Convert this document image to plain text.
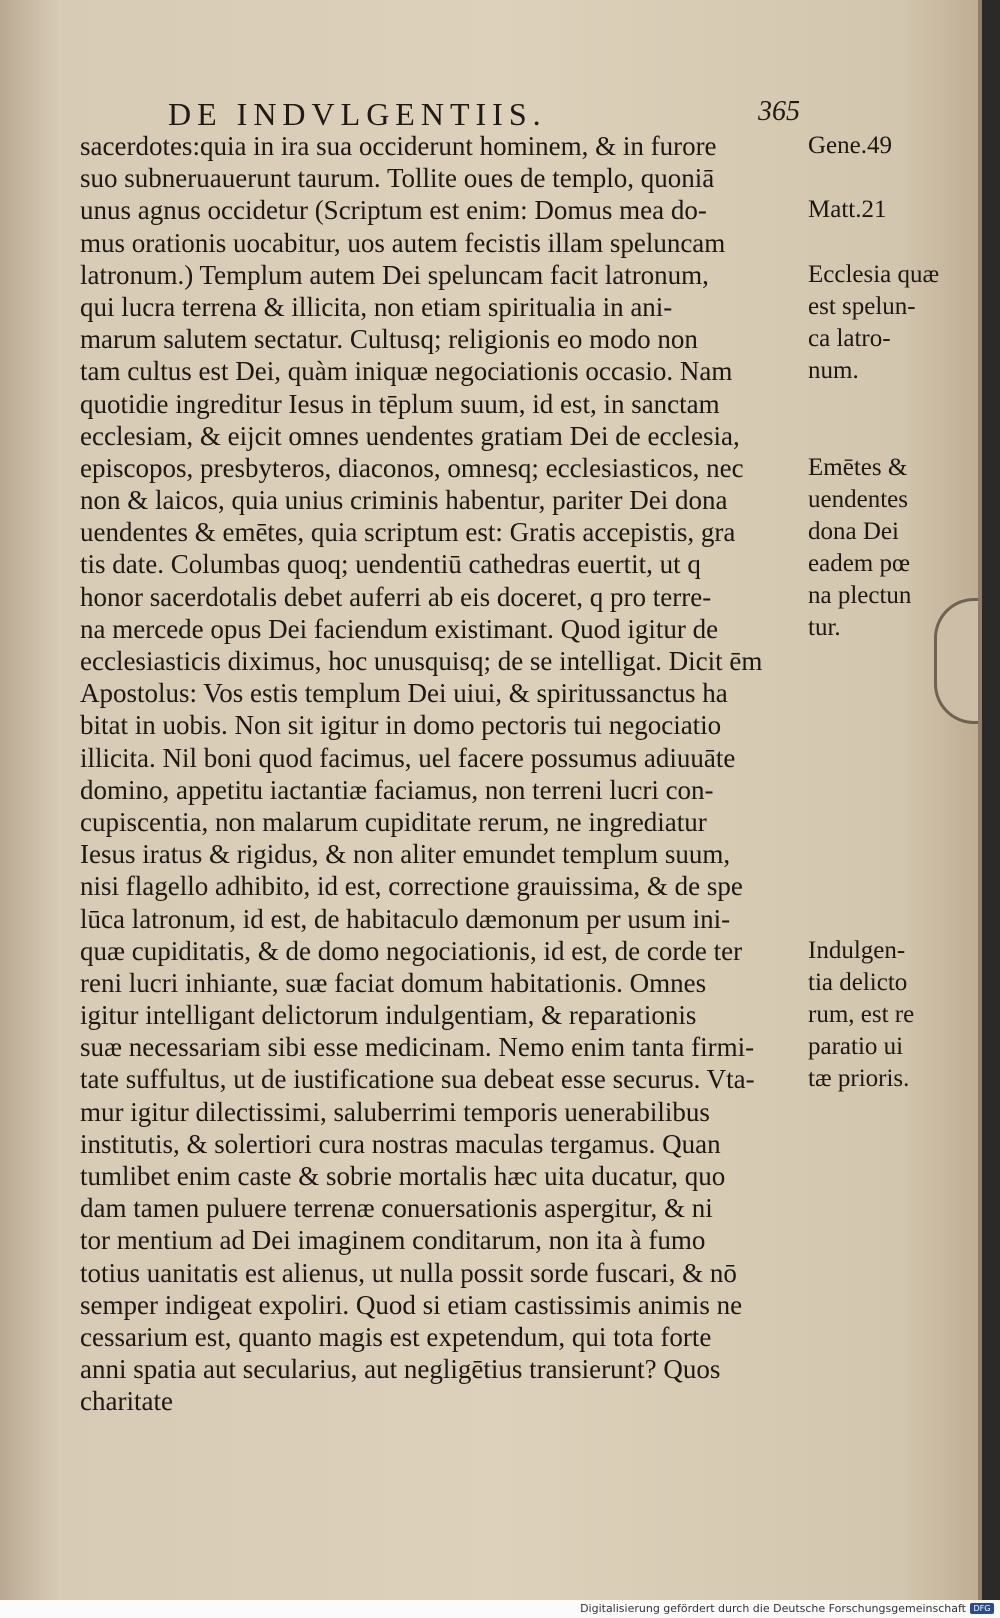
DE INDVLGENTIIS.	365
sacerdotes:quia in ira sua occiderunt hominem, & in furore
suo subneruauerunt taurum. Tollite oues de templo, quoniā
unus agnus occidetur (Scriptum est enim: Domus mea do-
mus orationis uocabitur, uos autem fecistis illam speluncam
latronum.) Templum autem Dei speluncam facit latronum,
qui lucra terrena & illicita, non etiam spiritualia in ani-
marum salutem sectatur. Cultusq; religionis eo modo non
tam cultus est Dei, quàm iniquæ negociationis occasio. Nam
quotidie ingreditur Iesus in tēplum suum, id est, in sanctam
ecclesiam, & eijcit omnes uendentes gratiam Dei de ecclesia,
episcopos, presbyteros, diaconos, omnesq; ecclesiasticos, nec
non & laicos, quia unius criminis habentur, pariter Dei dona
uendentes & emētes, quia scriptum est: Gratis accepistis, gra
tis date. Columbas quoq; uendentiū cathedras euertit, ut q
honor sacerdotalis debet auferri ab eis doceret, q pro terre-
na mercede opus Dei faciendum existimant. Quod igitur de
ecclesiasticis diximus, hoc unusquisq; de se intelligat. Dicit ēm
Apostolus: Vos estis templum Dei uiui, & spiritussanctus ha
bitat in uobis. Non sit igitur in domo pectoris tui negociatio
illicita. Nil boni quod facimus, uel facere possumus adiuuāte
domino, appetitu iactantiæ faciamus, non terreni lucri con-
cupiscentia, non malarum cupiditate rerum, ne ingrediatur
Iesus iratus & rigidus, & non aliter emundet templum suum,
nisi flagello adhibito, id est, correctione grauissima, & de spe
lūca latronum, id est, de habitaculo dæmonum per usum ini-
quæ cupiditatis, & de domo negociationis, id est, de corde ter
reni lucri inhiante, suæ faciat domum habitationis. Omnes
igitur intelligant delictorum indulgentiam, & reparationis
suæ necessariam sibi esse medicinam. Nemo enim tanta firmi-
tate suffultus, ut de iustificatione sua debeat esse securus. Vta-
mur igitur dilectissimi, saluberrimi temporis uenerabilibus
institutis, & solertiori cura nostras maculas tergamus. Quan
tumlibet enim caste & sobrie mortalis hæc uita ducatur, quo
dam tamen puluere terrenæ conuersationis aspergitur, & ni
tor mentium ad Dei imaginem conditarum, non ita à fumo
totius uanitatis est alienus, ut nulla possit sorde fuscari, & nō
semper indigeat expoliri. Quod si etiam castissimis animis ne
cessarium est, quanto magis est expetendum, qui tota forte
anni spatia aut secularius, aut negligētius transierunt? Quos
charitate
Gene.49
Matt.21
Ecclesia quæ
est spelun-
ca latro-
num.
Emētes &
uendentes
dona Dei
eadem pœ
na plectun
tur.
Indulgen-
tia delicto
rum, est re
paratio ui
tæ prioris.
Digitalisierung gefördert durch die Deutsche Forschungsgemeinschaft DFG
